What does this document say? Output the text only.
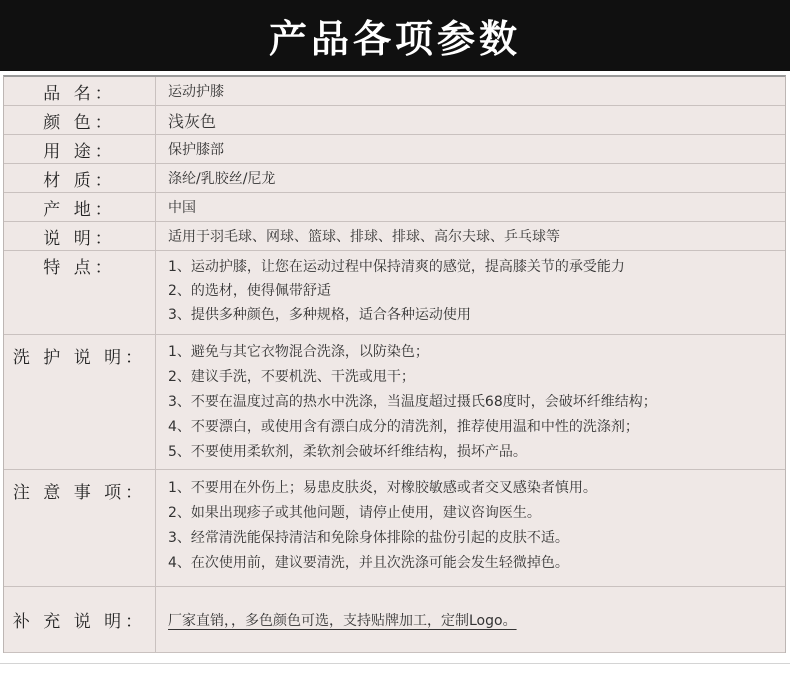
产品各项参数
品 名：	运动护膝
颜 色：	浅灰色
用 途：	保护膝部
材 质：	涤纶/乳胶丝/尼龙
产 地：	中国
说 明：	适用于羽毛球、网球、篮球、排球、排球、高尔夫球、乒乓球等
特 点：	1、运动护膝，让您在运动过程中保持清爽的感觉，提高膝关节的承受能力
2、的选材，使得佩带舒适
3、提供多种颜色，多种规格，适合各种运动使用
洗 护 说 明：	1、避免与其它衣物混合洗涤，以防染色；
2、建议手洗，不要机洗、干洗或甩干；
3、不要在温度过高的热水中洗涤，当温度超过摄氏68度时，会破坏纤维结构；
4、不要漂白，或使用含有漂白成分的清洗剂，推荐使用温和中性的洗涤剂；
5、不要使用柔软剂，柔软剂会破坏纤维结构，损坏产品。
注 意 事 项：	1、不要用在外伤上；易患皮肤炎，对橡胶敏感或者交叉感染者慎用。
2、如果出现疹子或其他问题，请停止使用，建议咨询医生。
3、经常清洗能保持清洁和免除身体排除的盐份引起的皮肤不适。
4、在次使用前，建议要清洗，并且次洗涤可能会发生轻微掉色。
补 充 说 明：	厂家直销，，多色颜色可选，支持贴牌加工，定制Logo。
